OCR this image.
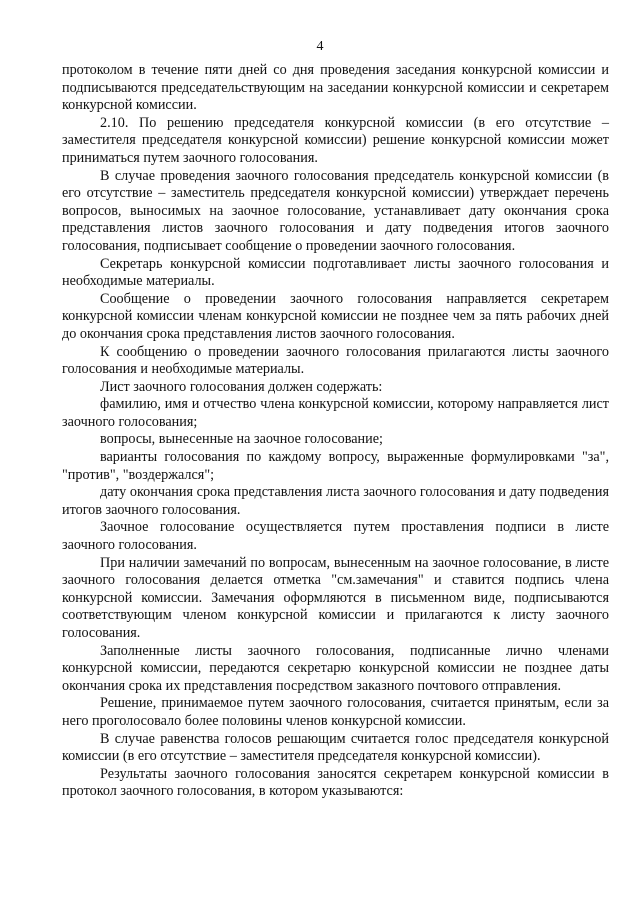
4

протоколом в течение пяти дней со дня проведения заседания конкурсной комиссии и подписываются председательствующим на заседании конкурсной комиссии и секретарем конкурсной комиссии.

2.10. По решению председателя конкурсной комиссии (в его отсутствие – заместителя председателя конкурсной комиссии) решение конкурсной комиссии может приниматься путем заочного голосования.

В случае проведения заочного голосования председатель конкурсной комиссии (в его отсутствие – заместитель председателя конкурсной комиссии) утверждает перечень вопросов, выносимых на заочное голосование, устанавливает дату окончания срока представления листов заочного голосования и дату подведения итогов заочного голосования, подписывает сообщение о проведении заочного голосования.

Секретарь конкурсной комиссии подготавливает листы заочного голосования и необходимые материалы.

Сообщение о проведении заочного голосования направляется секретарем конкурсной комиссии членам конкурсной комиссии не позднее чем за пять рабочих дней до окончания срока представления листов заочного голосования.

К сообщению о проведении заочного голосования прилагаются листы заочного голосования и необходимые материалы.

Лист заочного голосования должен содержать:

фамилию, имя и отчество члена конкурсной комиссии, которому направляется лист заочного голосования;

вопросы, вынесенные на заочное голосование;

варианты голосования по каждому вопросу, выраженные формулировками "за", "против", "воздержался";

дату окончания срока представления листа заочного голосования и дату подведения итогов заочного голосования.

Заочное голосование осуществляется путем проставления подписи в листе заочного голосования.

При наличии замечаний по вопросам, вынесенным на заочное голосование, в листе заочного голосования делается отметка "см.замечания" и ставится подпись члена конкурсной комиссии. Замечания оформляются в письменном виде, подписываются соответствующим членом конкурсной комиссии и прилагаются к листу заочного голосования.

Заполненные листы заочного голосования, подписанные лично членами конкурсной комиссии, передаются секретарю конкурсной комиссии не позднее даты окончания срока их представления посредством заказного почтового отправления.

Решение, принимаемое путем заочного голосования, считается принятым, если за него проголосовало более половины членов конкурсной комиссии.

В случае равенства голосов решающим считается голос председателя конкурсной комиссии (в его отсутствие – заместителя председателя конкурсной комиссии).

Результаты заочного голосования заносятся секретарем конкурсной комиссии в протокол заочного голосования, в котором указываются:
